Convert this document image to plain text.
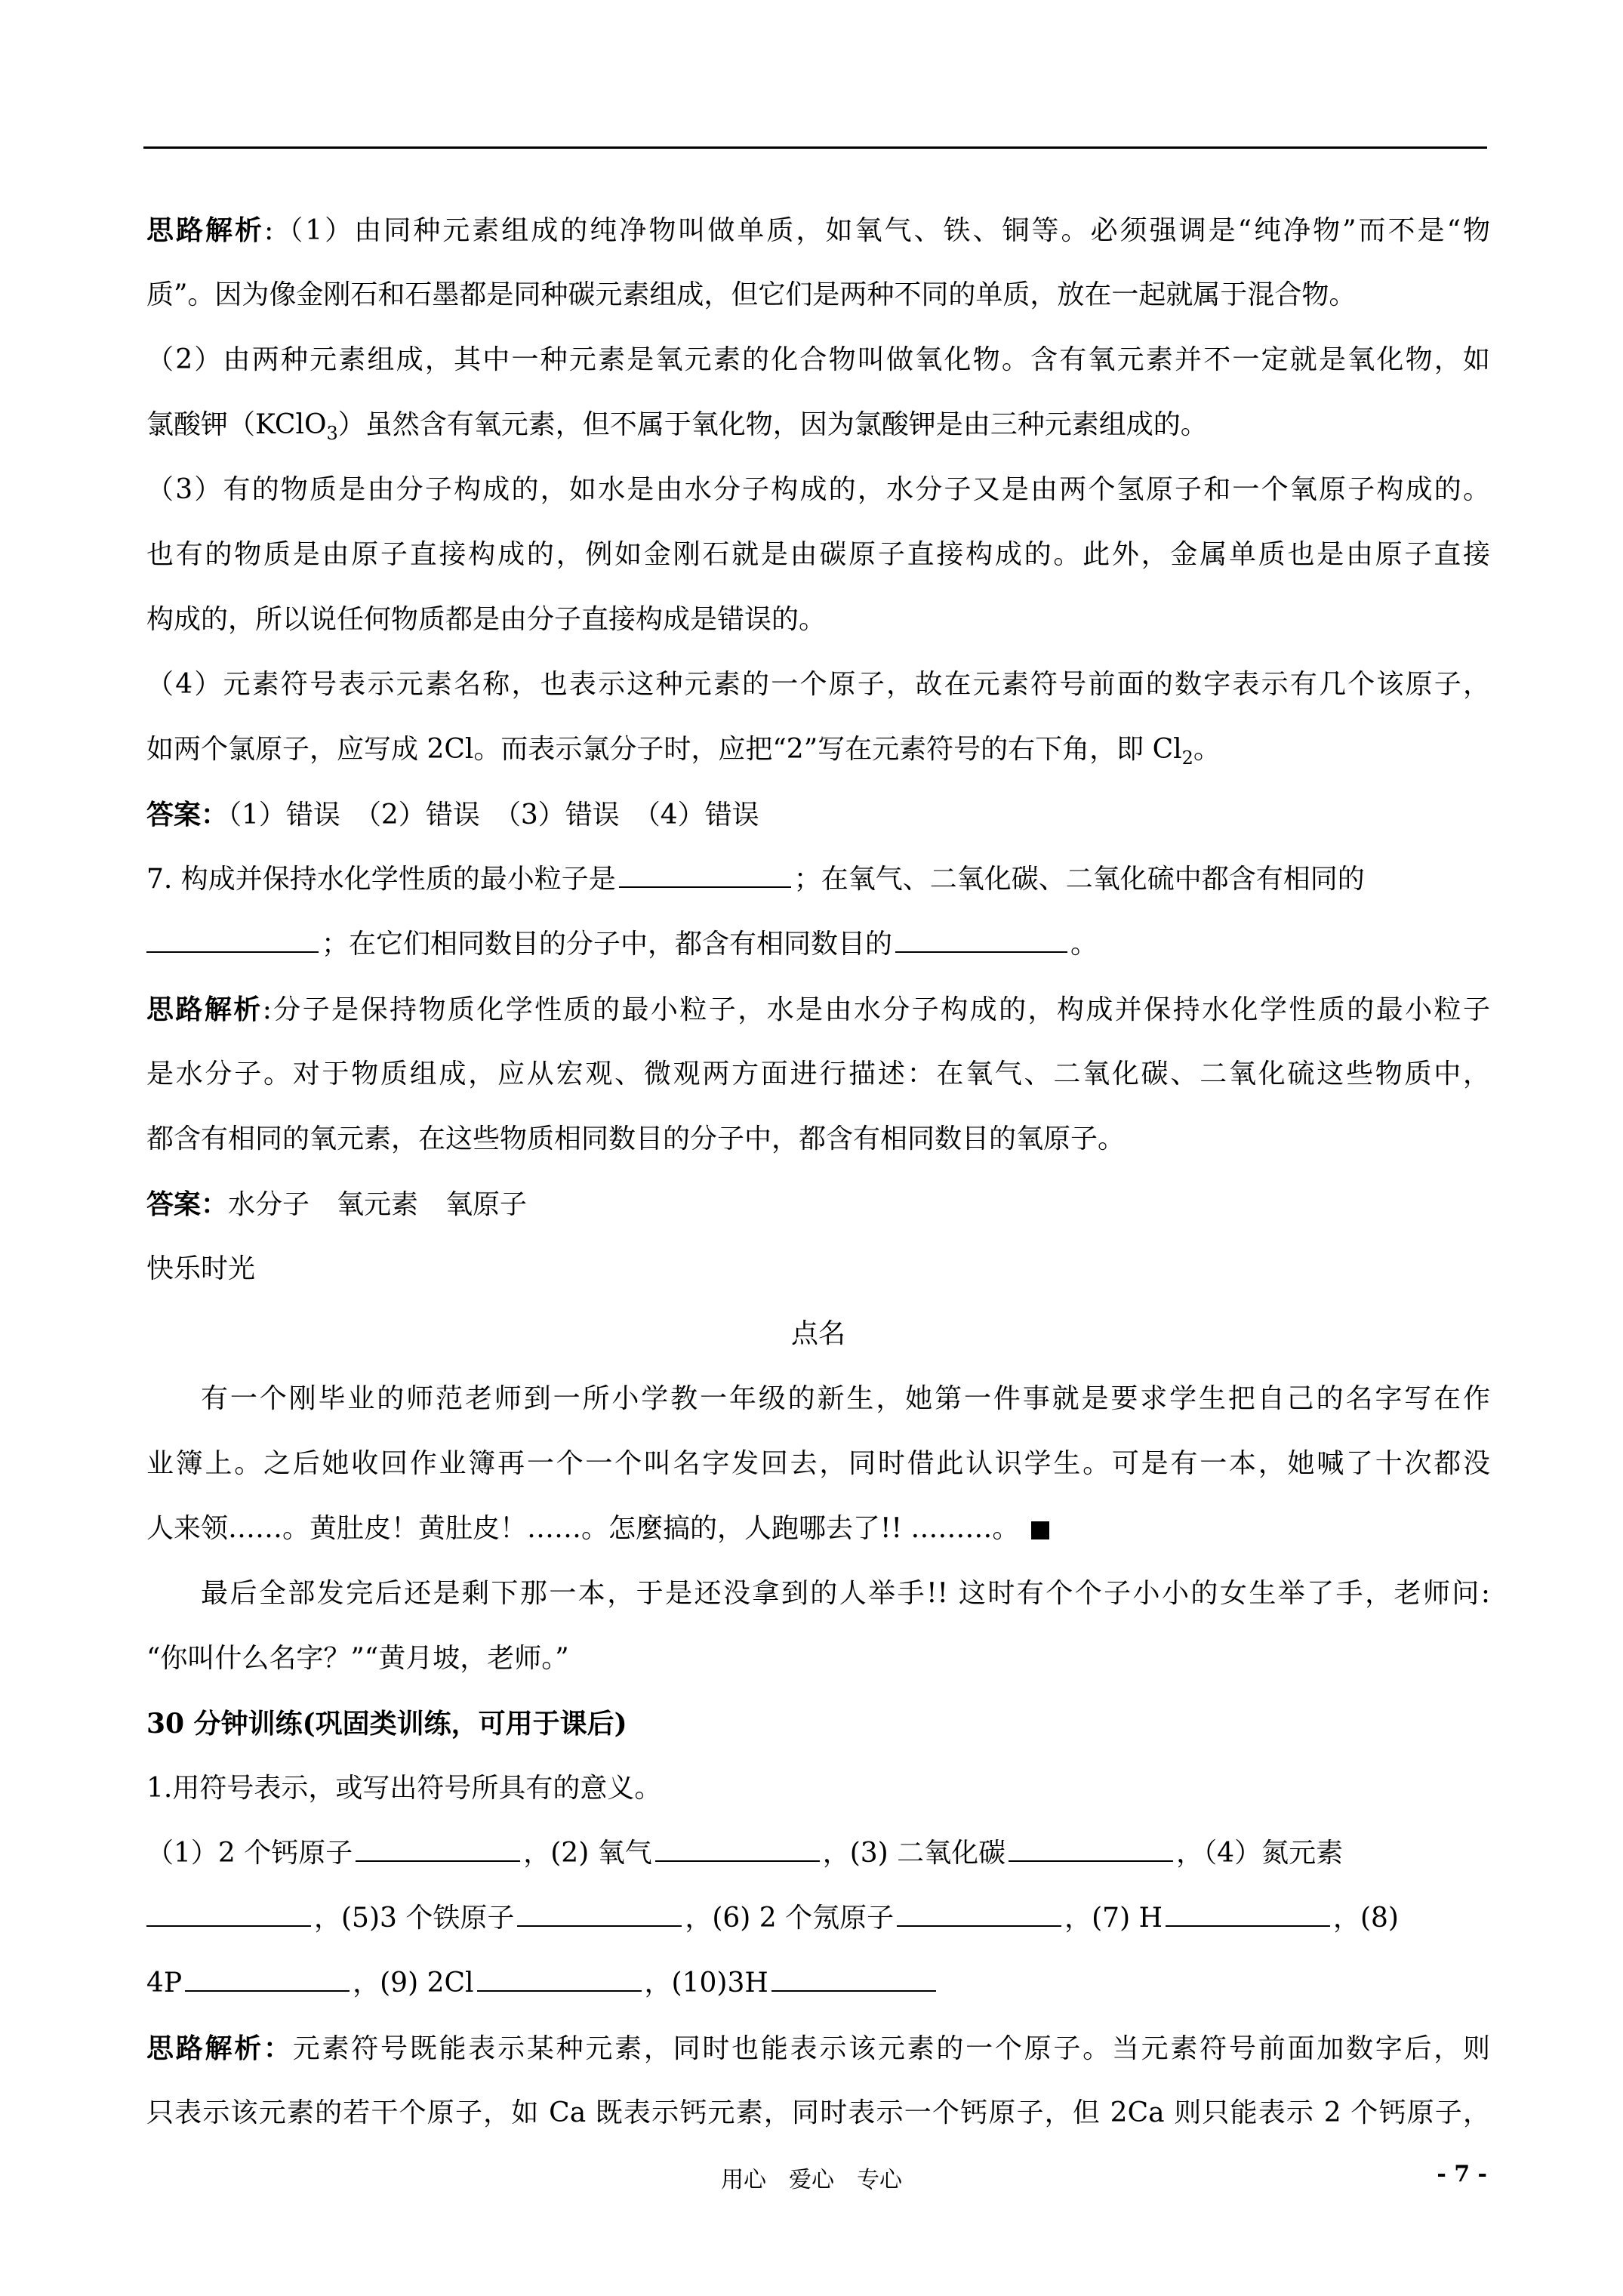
思路解析:（1）由同种元素组成的纯净物叫做单质，如氧气、铁、铜等。必须强调是“纯净物”而不是“物
质”。因为像金刚石和石墨都是同种碳元素组成，但它们是两种不同的单质，放在一起就属于混合物。
（2）由两种元素组成，其中一种元素是氧元素的化合物叫做氧化物。含有氧元素并不一定就是氧化物，如
氯酸钾（KClO$_3$）虽然含有氧元素，但不属于氧化物，因为氯酸钾是由三种元素组成的。
（3）有的物质是由分子构成的，如水是由水分子构成的，水分子又是由两个氢原子和一个氧原子构成的。
也有的物质是由原子直接构成的，例如金刚石就是由碳原子直接构成的。此外，金属单质也是由原子直接
构成的，所以说任何物质都是由分子直接构成是错误的。
（4）元素符号表示元素名称，也表示这种元素的一个原子，故在元素符号前面的数字表示有几个该原子，
如两个氯原子，应写成 2Cl。而表示氯分子时，应把“2”写在元素符号的右下角，即 $Cl_2$。
答案：（1）错误　（2）错误　（3）错误　（4）错误
7. 构成并保持水化学性质的最小粒子是	；在氧气、二氧化碳、二氧化硫中都含有相同的
；在它们相同数目的分子中，都含有相同数目的	。
思路解析:分子是保持物质化学性质的最小粒子，水是由水分子构成的，构成并保持水化学性质的最小粒子
是水分子。对于物质组成，应从宏观、微观两方面进行描述：在氧气、二氧化碳、二氧化硫这些物质中，
都含有相同的氧元素，在这些物质相同数目的分子中，都含有相同数目的氧原子。
答案：水分子　氧元素　氧原子
快乐时光
点名
有一个刚毕业的师范老师到一所小学教一年级的新生，她第一件事就是要求学生把自己的名字写在作
业簿上。之后她收回作业簿再一个一个叫名字发回去，同时借此认识学生。可是有一本，她喊了十次都没
人来领……。黄肚皮！黄肚皮！……。怎麼搞的，人跑哪去了!! ………。
最后全部发完后还是剩下那一本，于是还没拿到的人举手!! 这时有个个子小小的女生举了手，老师问:
“你叫什么名字？”“黄月坡，老师。”
30 分钟训练(巩固类训练，可用于课后)
1.用符号表示，或写出符号所具有的意义。
（1）2 个钙原子	，(2) 氧气	，(3) 二氧化碳	，（4）氮元素
，(5)3 个铁原子	，(6) 2 个氖原子	，(7) H	，(8)
4P	，(9) 2Cl	，(10)3H
思路解析：元素符号既能表示某种元素，同时也能表示该元素的一个原子。当元素符号前面加数字后，则
只表示该元素的若干个原子，如 Ca 既表示钙元素，同时表示一个钙原子，但 2Ca 则只能表示 2 个钙原子，
用心　爱心　专心	- 7 -
